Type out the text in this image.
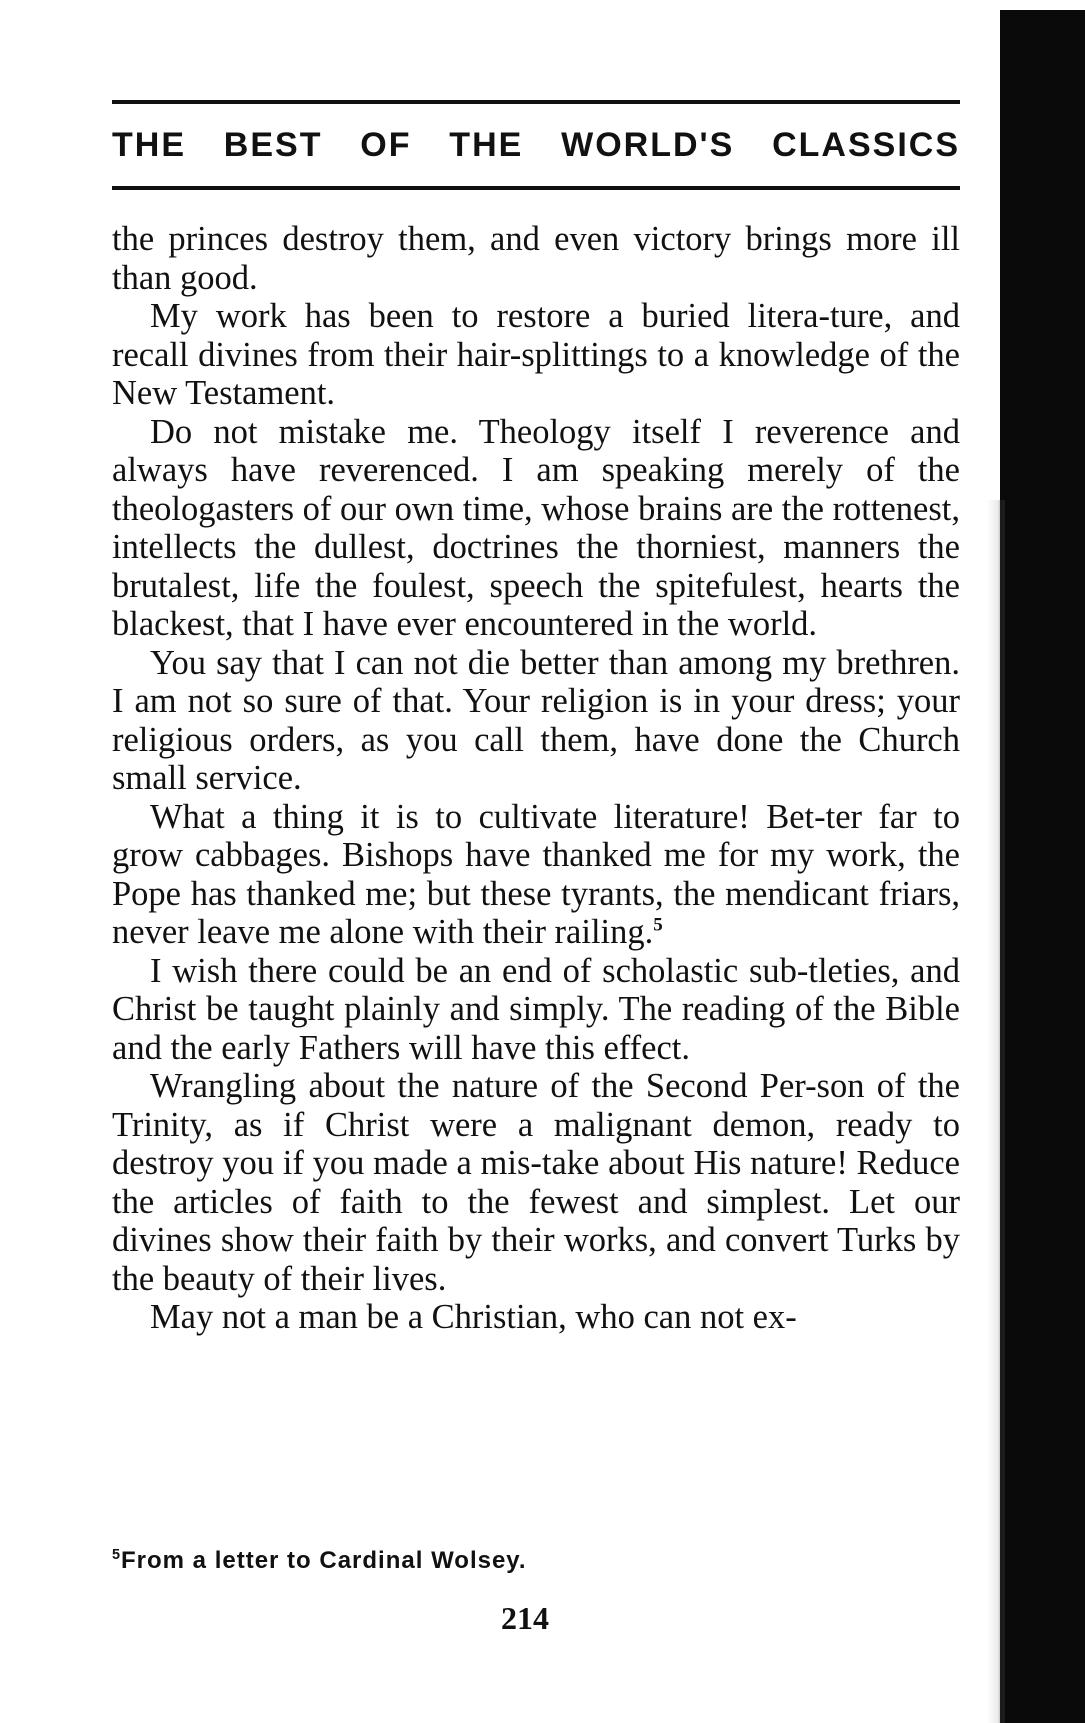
THE BEST OF THE WORLD'S CLASSICS

the princes destroy them, and even victory brings more ill than good.

My work has been to restore a buried litera-ture, and recall divines from their hair-splittings to a knowledge of the New Testament.

Do not mistake me. Theology itself I reverence and always have reverenced. I am speaking merely of the theologasters of our own time, whose brains are the rottenest, intellects the dullest, doctrines the thorniest, manners the brutalest, life the foulest, speech the spitefulest, hearts the blackest, that I have ever encountered in the world.

You say that I can not die better than among my brethren. I am not so sure of that. Your religion is in your dress; your religious orders, as you call them, have done the Church small service.

What a thing it is to cultivate literature! Bet-ter far to grow cabbages. Bishops have thanked me for my work, the Pope has thanked me; but these tyrants, the mendicant friars, never leave me alone with their railing.$^5$

I wish there could be an end of scholastic sub-tleties, and Christ be taught plainly and simply. The reading of the Bible and the early Fathers will have this effect.

Wrangling about the nature of the Second Per-son of the Trinity, as if Christ were a malignant demon, ready to destroy you if you made a mis-take about His nature! Reduce the articles of faith to the fewest and simplest. Let our divines show their faith by their works, and convert Turks by the beauty of their lives.

May not a man be a Christian, who can not ex-

$^5$From a letter to Cardinal Wolsey.
214
